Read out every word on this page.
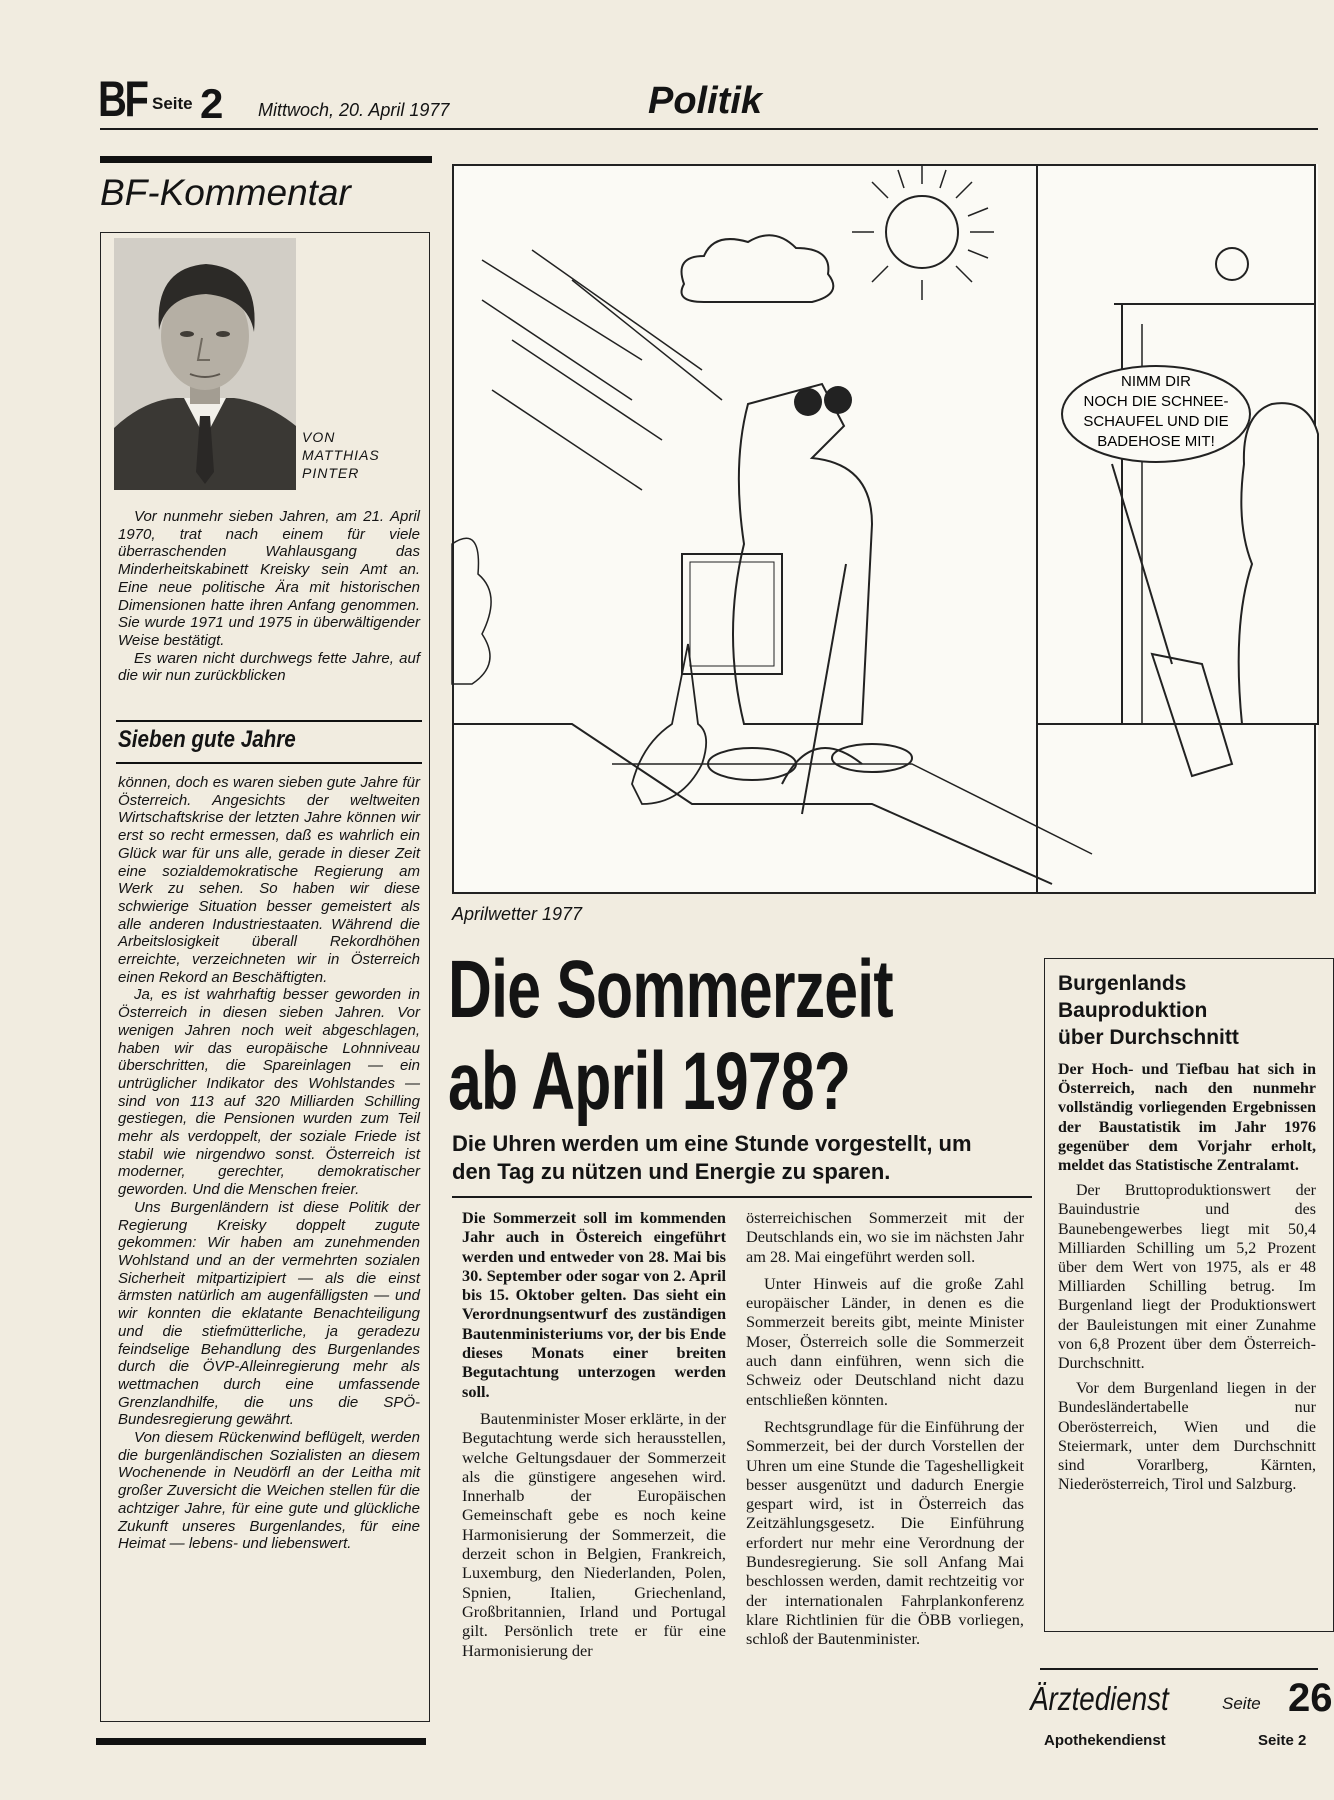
BF Seite 2 Mittwoch, 20. April 1977	Politik
BF-Kommentar
VON
MATTHIAS
PINTER

Vor nunmehr sieben Jahren, am 21. April 1970, trat nach einem für viele überraschenden Wahlausgang das Minderheitskabinett Kreisky sein Amt an. Eine neue politische Ära mit historischen Dimensionen hatte ihren Anfang genommen. Sie wurde 1971 und 1975 in überwältigender Weise bestätigt.

Es waren nicht durchwegs fette Jahre, auf die wir nun zurückblicken

Sieben gute Jahre

können, doch es waren sieben gute Jahre für Österreich. Angesichts der weltweiten Wirtschaftskrise der letzten Jahre können wir erst so recht ermessen, daß es wahrlich ein Glück war für uns alle, gerade in dieser Zeit eine sozialdemokratische Regierung am Werk zu sehen. So haben wir diese schwierige Situation besser gemeistert als alle anderen Industriestaaten. Während die Arbeitslosigkeit überall Rekordhöhen erreichte, verzeichneten wir in Österreich einen Rekord an Beschäftigten.

Ja, es ist wahrhaftig besser geworden in Österreich in diesen sieben Jahren. Vor wenigen Jahren noch weit abgeschlagen, haben wir das europäische Lohnniveau überschritten, die Spareinlagen — ein untrüglicher Indikator des Wohlstandes — sind von 113 auf 320 Milliarden Schilling gestiegen, die Pensionen wurden zum Teil mehr als verdoppelt, der soziale Friede ist stabil wie nirgendwo sonst. Österreich ist moderner, gerechter, demokratischer geworden. Und die Menschen freier.

Uns Burgenländern ist diese Politik der Regierung Kreisky doppelt zugute gekommen: Wir haben am zunehmenden Wohlstand und an der vermehrten sozialen Sicherheit mitpartizipiert — als die einst ärmsten natürlich am augenfälligsten — und wir konnten die eklatante Benachteiligung und die stiefmütterliche, ja geradezu feindselige Behandlung des Burgenlandes durch die ÖVP-Alleinregierung mehr als wettmachen durch eine umfassende Grenzlandhilfe, die uns die SPÖ-Bundesregierung gewährt.

Von diesem Rückenwind beflügelt, werden die burgenländischen Sozialisten an diesem Wochenende in Neudörfl an der Leitha mit großer Zuversicht die Weichen stellen für die achtziger Jahre, für eine gute und glückliche Zukunft unseres Burgenlandes, für eine Heimat — lebens- und liebenswert.

NIMM DIR
NOCH DIE SCHNEE-
SCHAUFEL UND DIE
BADEHOSE MIT!
Aprilwetter 1977
Die Sommerzeit
ab April 1978?
Die Uhren werden um eine Stunde vorgestellt, um den Tag zu nützen und Energie zu sparen.

Die Sommerzeit soll im kommenden Jahr auch in Östereich eingeführt werden und entweder von 28. Mai bis 30. September oder sogar von 2. April bis 15. Oktober gelten. Das sieht ein Verordnungsentwurf des zuständigen Bautenministeriums vor, der bis Ende dieses Monats einer breiten Begutachtung unterzogen werden soll.

Bautenminister Moser erklärte, in der Begutachtung werde sich herausstellen, welche Geltungsdauer der Sommerzeit als die günstigere angesehen wird. Innerhalb der Europäischen Gemeinschaft gebe es noch keine Harmonisierung der Sommerzeit, die derzeit schon in Belgien, Frankreich, Luxemburg, den Niederlanden, Polen, Spnien, Italien, Griechenland, Großbritannien, Irland und Portugal gilt. Persönlich trete er für eine Harmonisierung der

österreichischen Sommerzeit mit der Deutschlands ein, wo sie im nächsten Jahr am 28. Mai eingeführt werden soll.

Unter Hinweis auf die große Zahl europäischer Länder, in denen es die Sommerzeit bereits gibt, meinte Minister Moser, Österreich solle die Sommerzeit auch dann einführen, wenn sich die Schweiz oder Deutschland nicht dazu entschließen könnten.

Rechtsgrundlage für die Einführung der Sommerzeit, bei der durch Vorstellen der Uhren um eine Stunde die Tageshelligkeit besser ausgenützt und dadurch Energie gespart wird, ist in Österreich das Zeitzählungsgesetz. Die Einführung erfordert nur mehr eine Verordnung der Bundesregierung. Sie soll Anfang Mai beschlossen werden, damit rechtzeitig vor der internationalen Fahrplankonferenz klare Richtlinien für die ÖBB vorliegen, schloß der Bautenminister.

Burgenlands
Bauproduktion
über Durchschnitt

Der Hoch- und Tiefbau hat sich in Österreich, nach den nunmehr vollständig vorliegenden Ergebnissen der Baustatistik im Jahr 1976 gegenüber dem Vorjahr erholt, meldet das Statistische Zentralamt.

Der Bruttoproduktionswert der Bauindustrie und des Baunebengewerbes liegt mit 50,4 Milliarden Schilling um 5,2 Prozent über dem Wert von 1975, als er 48 Milliarden Schilling betrug. Im Burgenland liegt der Produktionswert der Bauleistungen mit einer Zunahme von 6,8 Prozent über dem Österreich-Durchschnitt.

Vor dem Burgenland liegen in der Bundesländertabelle nur Oberösterreich, Wien und die Steiermark, unter dem Durchschnitt sind Vorarlberg, Kärnten, Niederösterreich, Tirol und Salzburg.

Ärztedienst	Seite 26
Apothekendienst	Seite 2
